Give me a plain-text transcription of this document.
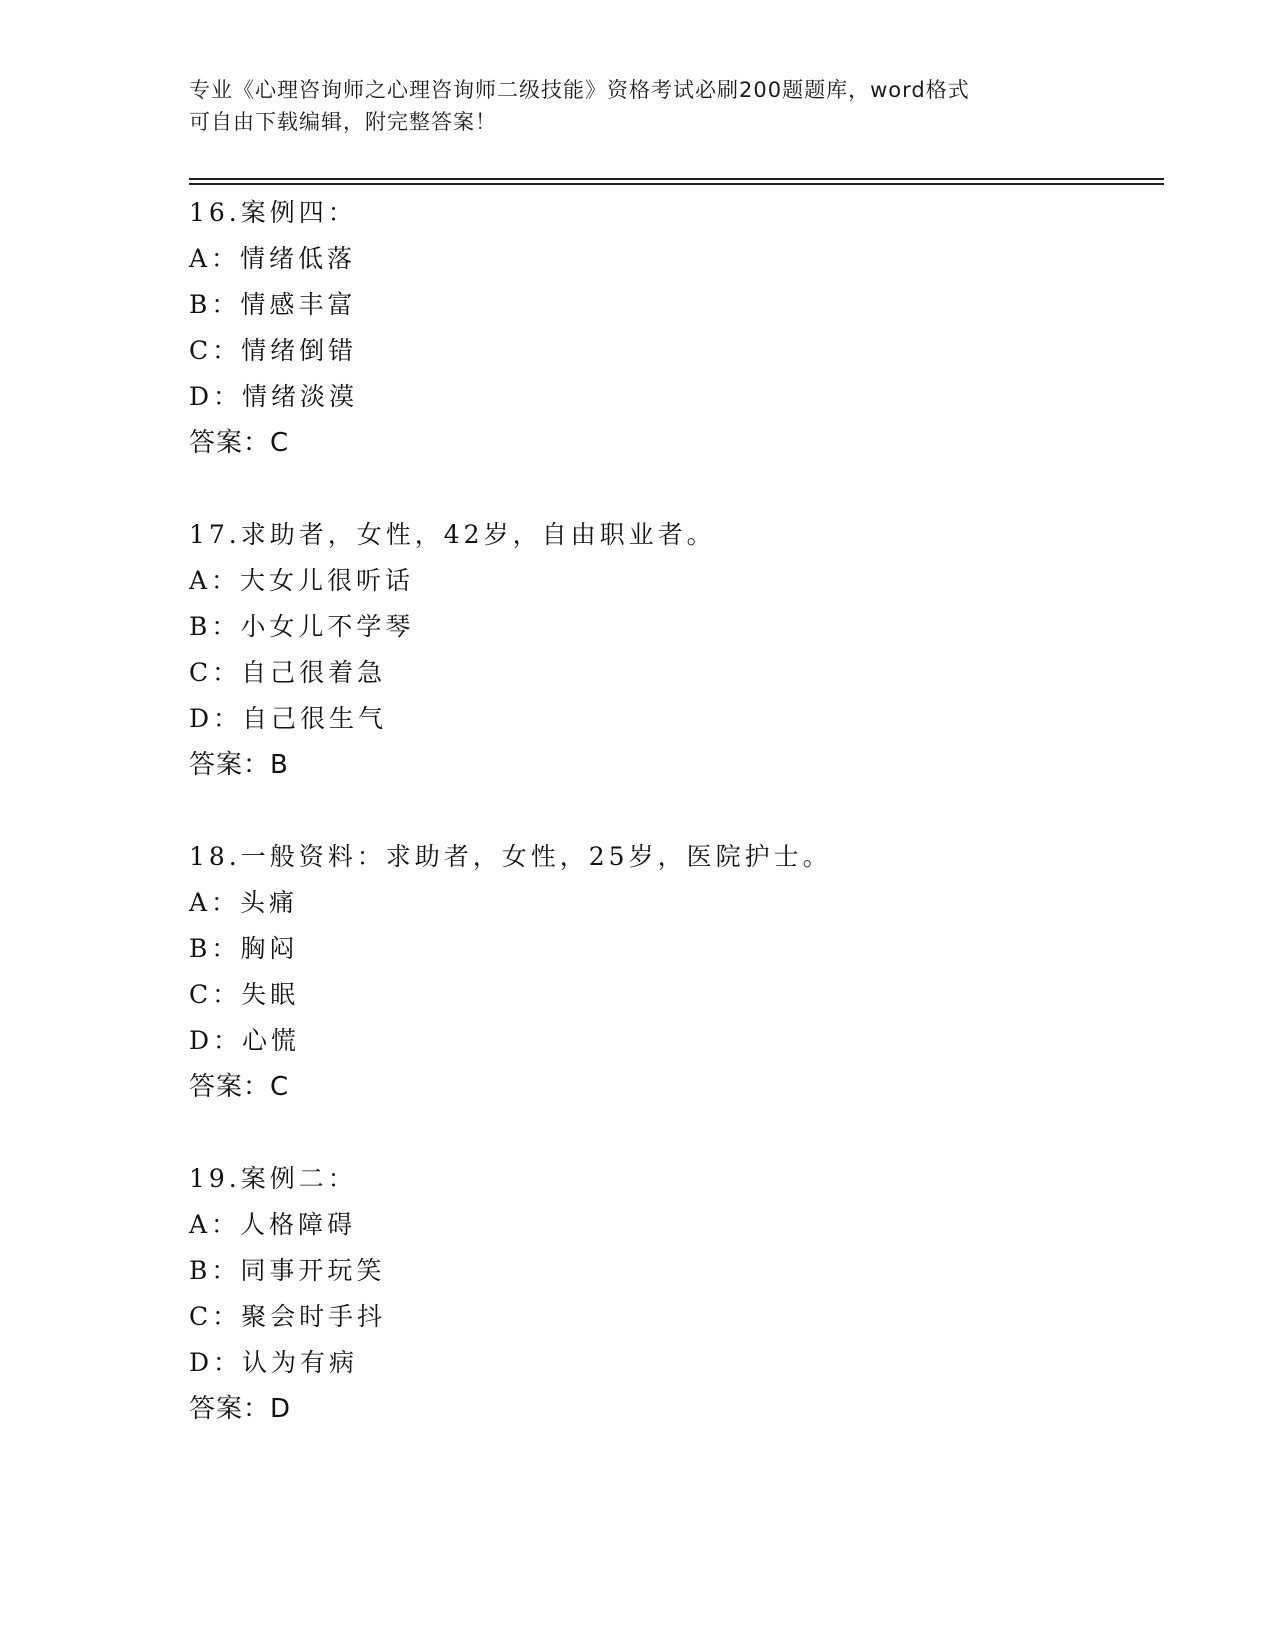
专业《心理咨询师之心理咨询师二级技能》资格考试必刷200题题库，word格式
可自由下载编辑，附完整答案！
16.案例四：
A：情绪低落
B：情感丰富
C：情绪倒错
D：情绪淡漠
答案：C
17.求助者，女性，42岁，自由职业者。
A：大女儿很听话
B：小女儿不学琴
C：自己很着急
D：自己很生气
答案：B
18.一般资料：求助者，女性，25岁，医院护士。
A：头痛
B：胸闷
C：失眠
D：心慌
答案：C
19.案例二：
A：人格障碍
B：同事开玩笑
C：聚会时手抖
D：认为有病
答案：D
